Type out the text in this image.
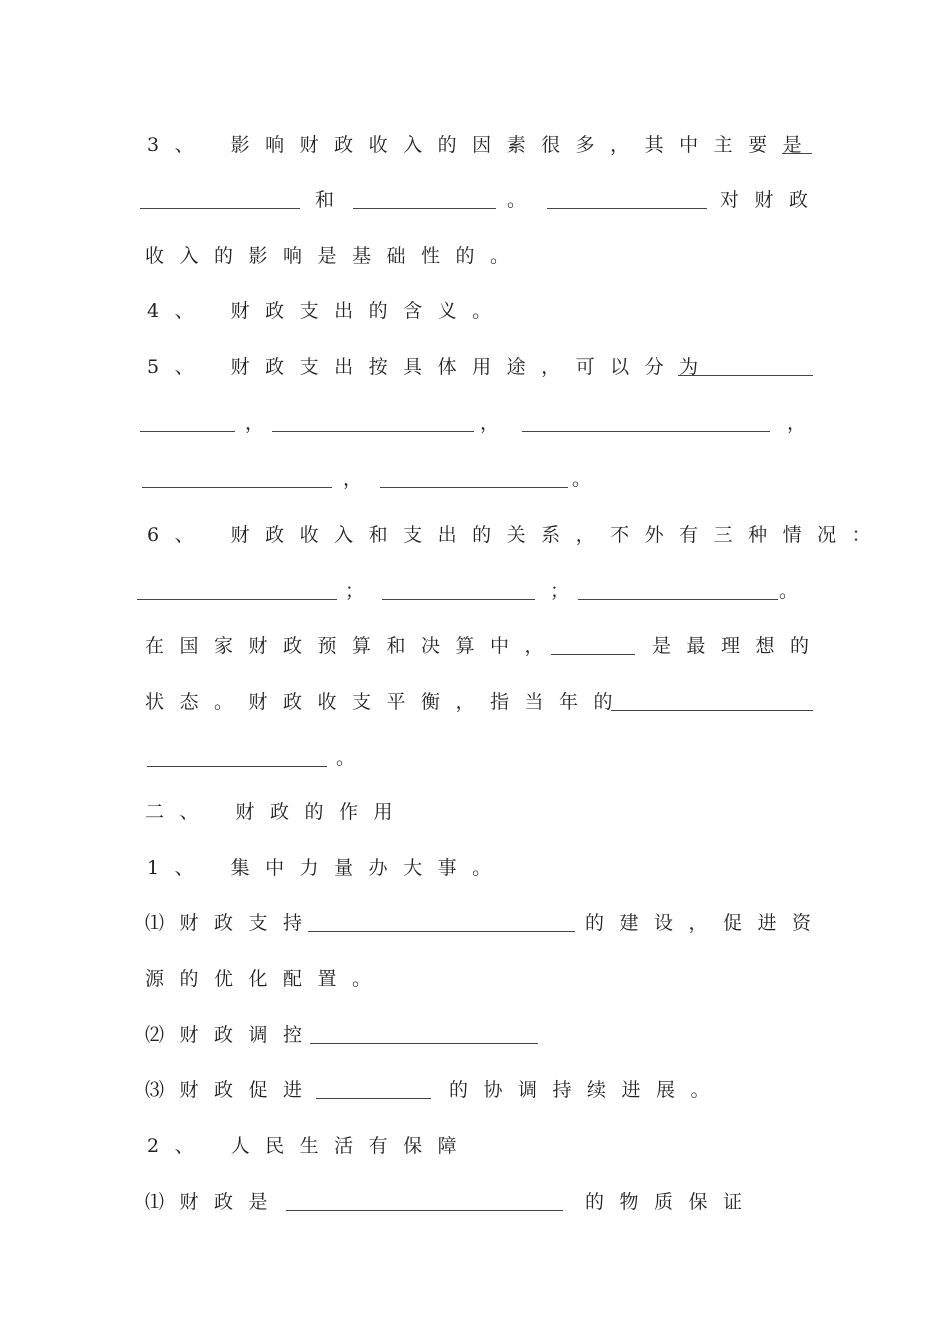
3、 影响财政收入的因素很多，其中主要是
和	。	对财政
收入的影响是基础性的。
4、 财政支出的含义。
5、 财政支出按具体用途，可以分为
，	，	，
，	。
6、 财政收入和支出的关系，不外有三种情况：
；	；	。
在国家财政预算和决算中，	是最理想的
状态。财政收支平衡，指当年的
。
二、 财政的作用
1、 集中力量办大事。
⑴财政支持	的建设，促进资
源的优化配置。
⑵财政调控
⑶财政促进	的协调持续进展。
2、 人民生活有保障
⑴财政是	的物质保证
